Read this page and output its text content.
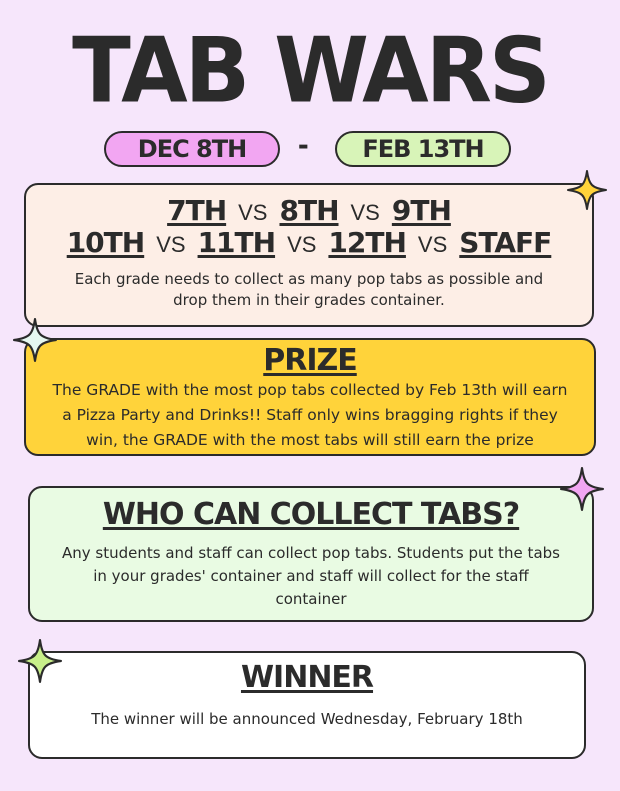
TAB WARS
DEC 8TH	-	FEB 13TH
7TH VS 8TH VS 9TH
10TH VS 11TH VS 12TH VS STAFF
Each grade needs to collect as many pop tabs as possible and
drop them in their grades container.
PRIZE
The GRADE with the most pop tabs collected by Feb 13th will earn
a Pizza Party and Drinks!! Staff only wins bragging rights if they
win, the GRADE with the most tabs will still earn the prize
WHO CAN COLLECT TABS?
Any students and staff can collect pop tabs. Students put the tabs
in your grades' container and staff will collect for the staff
container
WINNER
The winner will be announced Wednesday, February 18th
